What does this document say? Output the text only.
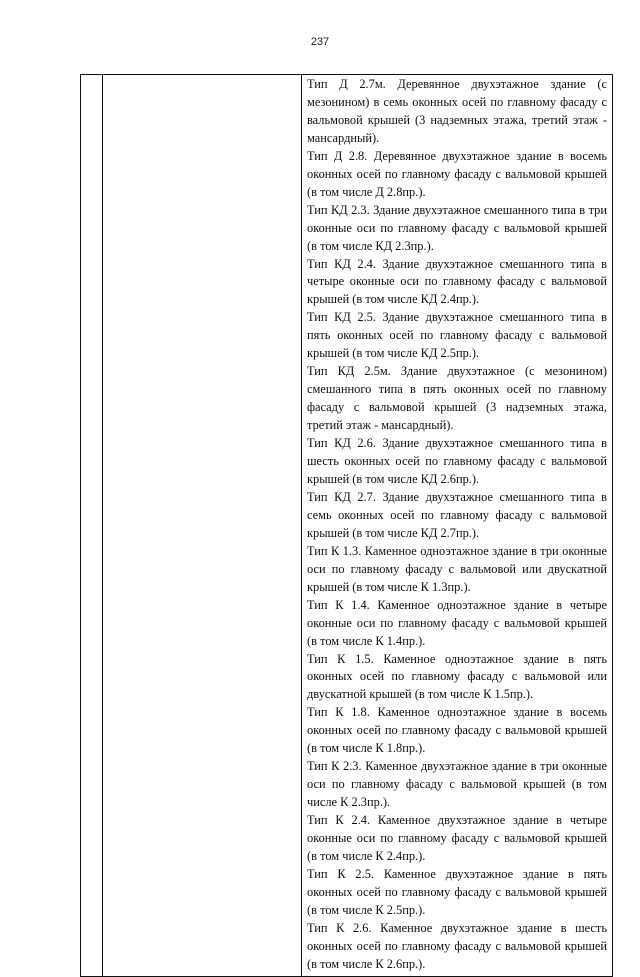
237

Тип Д 2.7м. Деревянное двухэтажное здание (с мезонином) в семь оконных осей по главному фасаду с вальмовой крышей (3 надземных этажа, третий этаж - мансардный).

Тип Д 2.8. Деревянное двухэтажное здание в восемь оконных осей по главному фасаду с вальмовой крышей (в том числе Д 2.8пр.).

Тип КД 2.3. Здание двухэтажное смешанного типа в три оконные оси по главному фасаду с вальмовой крышей (в том числе КД 2.3пр.).

Тип КД 2.4. Здание двухэтажное смешанного типа в четыре оконные оси по главному фасаду с вальмовой крышей (в том числе КД 2.4пр.).

Тип КД 2.5. Здание двухэтажное смешанного типа в пять оконных осей по главному фасаду с вальмовой крышей (в том числе КД 2.5пр.).

Тип КД 2.5м. Здание двухэтажное (с мезонином) смешанного типа в пять оконных осей по главному фасаду с вальмовой крышей (3 надземных этажа, третий этаж - мансардный).

Тип КД 2.6. Здание двухэтажное смешанного типа в шесть оконных осей по главному фасаду с вальмовой крышей (в том числе КД 2.6пр.).

Тип КД 2.7. Здание двухэтажное смешанного типа в семь оконных осей по главному фасаду с вальмовой крышей (в том числе КД 2.7пр.).

Тип К 1.3. Каменное одноэтажное здание в три оконные оси по главному фасаду с вальмовой или двускатной крышей (в том числе К 1.3пр.).

Тип К 1.4. Каменное одноэтажное здание в четыре оконные оси по главному фасаду с вальмовой крышей (в том числе К 1.4пр.).

Тип К 1.5. Каменное одноэтажное здание в пять оконных осей по главному фасаду с вальмовой или двускатной крышей (в том числе К 1.5пр.).

Тип К 1.8. Каменное одноэтажное здание в восемь оконных осей по главному фасаду с вальмовой крышей (в том числе К 1.8пр.).

Тип К 2.3. Каменное двухэтажное здание в три оконные оси по главному фасаду с вальмовой крышей (в том числе К 2.3пр.).

Тип К 2.4. Каменное двухэтажное здание в четыре оконные оси по главному фасаду с вальмовой крышей (в том числе К 2.4пр.).

Тип К 2.5. Каменное двухэтажное здание в пять оконных осей по главному фасаду с вальмовой крышей (в том числе К 2.5пр.).

Тип К 2.6. Каменное двухэтажное здание в шесть оконных осей по главному фасаду с вальмовой крышей (в том числе К 2.6пр.).
